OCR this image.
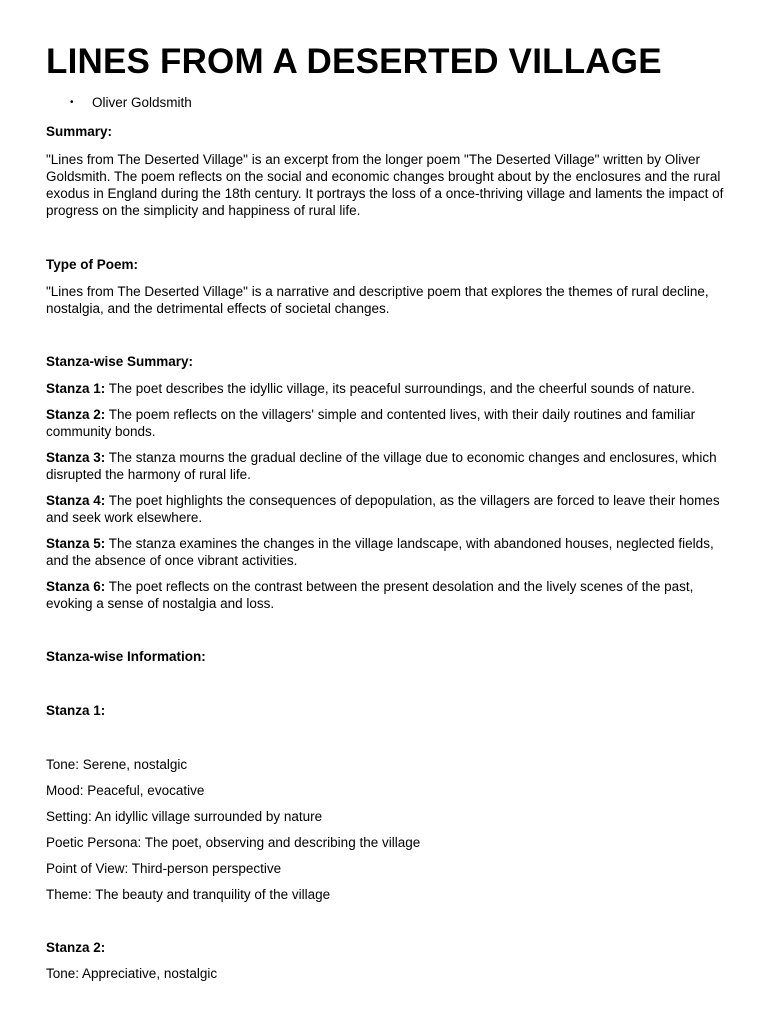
LINES FROM A DESERTED VILLAGE
•	Oliver Goldsmith

Summary:

"Lines from The Deserted Village" is an excerpt from the longer poem "The Deserted Village" written by Oliver Goldsmith. The poem reflects on the social and economic changes brought about by the enclosures and the rural exodus in England during the 18th century. It portrays the loss of a once-thriving village and laments the impact of progress on the simplicity and happiness of rural life.

Type of Poem:

"Lines from The Deserted Village" is a narrative and descriptive poem that explores the themes of rural decline, nostalgia, and the detrimental effects of societal changes.

Stanza-wise Summary:

Stanza 1: The poet describes the idyllic village, its peaceful surroundings, and the cheerful sounds of nature.

Stanza 2: The poem reflects on the villagers' simple and contented lives, with their daily routines and familiar community bonds.

Stanza 3: The stanza mourns the gradual decline of the village due to economic changes and enclosures, which disrupted the harmony of rural life.

Stanza 4: The poet highlights the consequences of depopulation, as the villagers are forced to leave their homes and seek work elsewhere.

Stanza 5: The stanza examines the changes in the village landscape, with abandoned houses, neglected fields, and the absence of once vibrant activities.

Stanza 6: The poet reflects on the contrast between the present desolation and the lively scenes of the past, evoking a sense of nostalgia and loss.

Stanza-wise Information:

Stanza 1:

Tone: Serene, nostalgic

Mood: Peaceful, evocative

Setting: An idyllic village surrounded by nature

Poetic Persona: The poet, observing and describing the village

Point of View: Third-person perspective

Theme: The beauty and tranquility of the village

Stanza 2:

Tone: Appreciative, nostalgic
